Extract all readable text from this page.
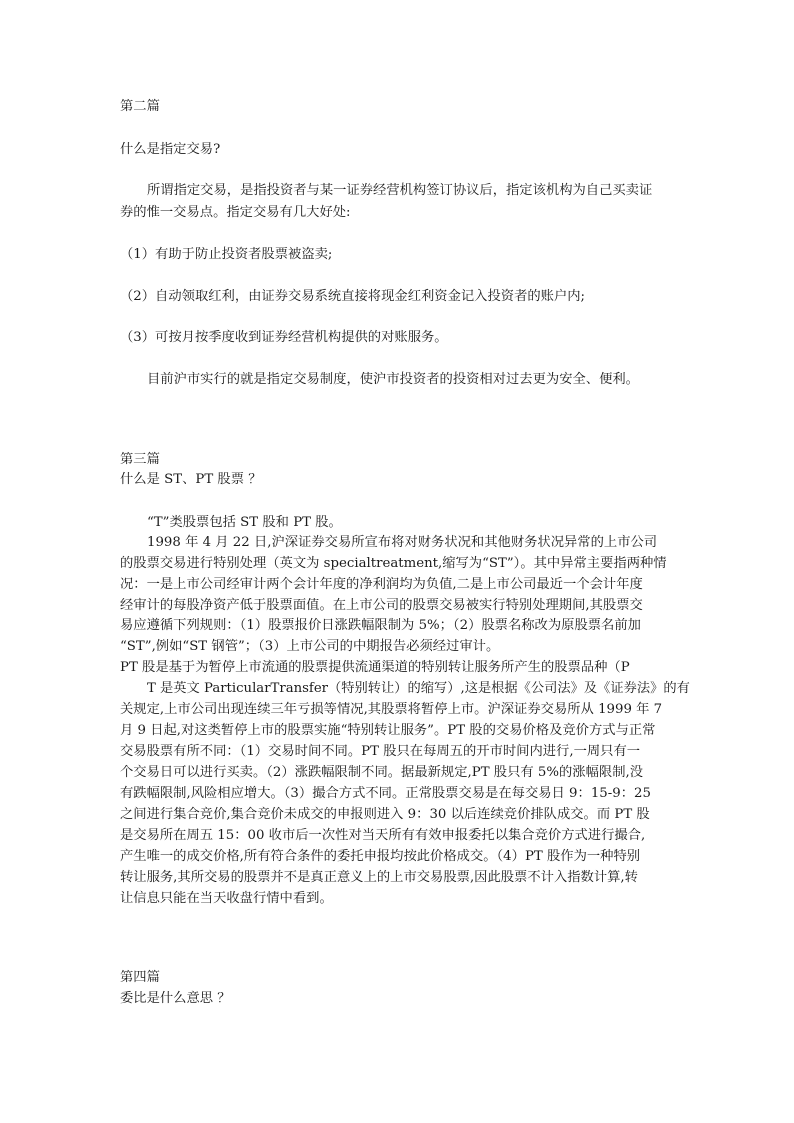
第二篇

什么是指定交易?

所谓指定交易，是指投资者与某一证券经营机构签订协议后，指定该机构为自己买卖证

券的惟一交易点。指定交易有几大好处:

（1）有助于防止投资者股票被盗卖;

（2）自动领取红利，由证券交易系统直接将现金红利资金记入投资者的账户内;

（3）可按月按季度收到证券经营机构提供的对账服务。

目前沪市实行的就是指定交易制度，使沪市投资者的投资相对过去更为安全、便利。

第三篇

什么是 ST、PT 股票 ？

“T”类股票包括 ST 股和 PT 股。

1998 年 4 月 22 日,沪深证券交易所宣布将对财务状况和其他财务状况异常的上市公司

的股票交易进行特别处理（英文为 specialtreatment,缩写为“ST”）。其中异常主要指两种情

况：一是上市公司经审计两个会计年度的净利润均为负值,二是上市公司最近一个会计年度

经审计的每股净资产低于股票面值。在上市公司的股票交易被实行特别处理期间,其股票交

易应遵循下列规则：（1）股票报价日涨跌幅限制为 5%；（2）股票名称改为原股票名前加

“ST”,例如“ST 钢管”；（3）上市公司的中期报告必须经过审计。

PT 股是基于为暂停上市流通的股票提供流通渠道的特别转让服务所产生的股票品种（P

T 是英文 ParticularTransfer（特别转让）的缩写）,这是根据《公司法》及《证券法》的有

关规定,上市公司出现连续三年亏损等情况,其股票将暂停上市。沪深证券交易所从 1999 年 7

月 9 日起,对这类暂停上市的股票实施“特别转让服务”。PT 股的交易价格及竞价方式与正常

交易股票有所不同：（1）交易时间不同。PT 股只在每周五的开市时间内进行,一周只有一

个交易日可以进行买卖。（2）涨跌幅限制不同。据最新规定,PT 股只有 5%的涨幅限制,没

有跌幅限制,风险相应增大。（3）撮合方式不同。正常股票交易是在每交易日 9：15-9：25

之间进行集合竞价,集合竞价未成交的申报则进入 9：30 以后连续竞价排队成交。而 PT 股

是交易所在周五 15：00 收市后一次性对当天所有有效申报委托以集合竞价方式进行撮合,

产生唯一的成交价格,所有符合条件的委托申报均按此价格成交。（4）PT 股作为一种特别

转让服务,其所交易的股票并不是真正意义上的上市交易股票,因此股票不计入指数计算,转

让信息只能在当天收盘行情中看到。

第四篇

委比是什么意思 ？
